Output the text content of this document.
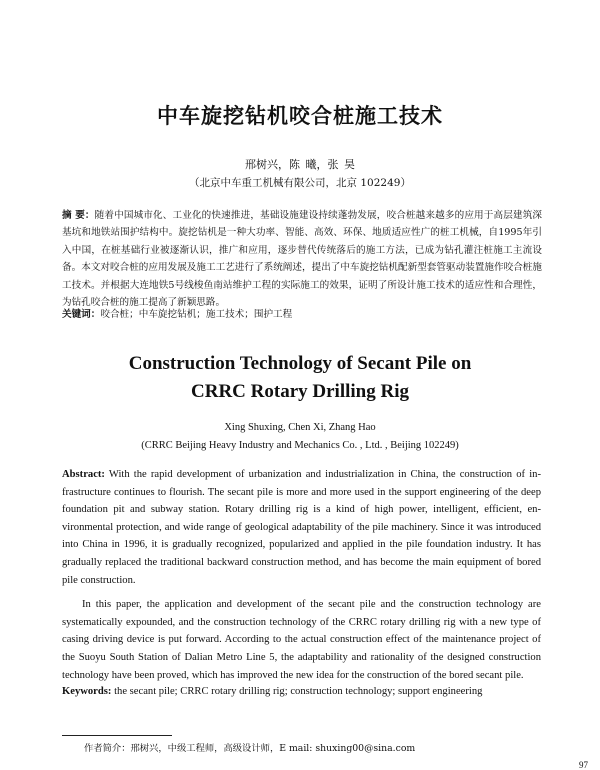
中车旋挖钻机咬合桩施工技术
邢树兴，陈 曦，张 昊
（北京中车重工机械有限公司，北京 102249）
摘 要：随着中国城市化、工业化的快速推进，基础设施建设持续蓬勃发展，咬合桩越来越多的应用于高层建筑深基坑和地铁站围护结构中。旋挖钻机是一种大功率、智能、高效、环保、地质适应性广的桩工机械，自1995年引入中国，在桩基础行业被逐渐认识，推广和应用，逐步替代传统落后的施工方法，已成为钻孔灌注桩施工主流设备。本文对咬合桩的应用发展及施工工艺进行了系统阐述，提出了中车旋挖钻机配新型套管驱动装置施作咬合桩施工技术。并根据大连地铁5号线梭鱼南站维护工程的实际施工的效果，证明了所设计施工技术的适应性和合理性，为钻孔咬合桩的施工提高了新颖思路。
关键词：咬合桩；中车旋挖钻机；施工技术；围护工程
Construction Technology of Secant Pile on
CRRC Rotary Drilling Rig
Xing Shuxing, Chen Xi, Zhang Hao
(CRRC Beijing Heavy Industry and Mechanics Co. , Ltd. , Beijing 102249)

Abstract: With the rapid development of urbanization and industrialization in China, the construction of infrastructure continues to flourish. The secant pile is more and more used in the support engineering of the deep foundation pit and subway station. Rotary drilling rig is a kind of high power, intelligent, efficient, environmental protection, and wide range of geological adaptability of the pile machinery. Since it was introduced into China in 1996, it is gradually recognized, popularized and applied in the pile foundation industry. It has gradually replaced the traditional backward construction method, and has become the main equipment of bored pile construction.

In this paper, the application and development of the secant pile and the construction technology are systematically expounded, and the construction technology of the CRRC rotary drilling rig with a new type of casing driving device is put forward. According to the actual construction effect of the maintenance project of the Suoyu South Station of Dalian Metro Line 5, the adaptability and rationality of the designed construction technology have been proved, which has improved the new idea for the construction of the bored secant pile.

Keywords: the secant pile; CRRC rotary drilling rig; construction technology; support engineering
作者简介：邢树兴，中级工程师，高级设计师，E mail: shuxing00@sina.com
97
